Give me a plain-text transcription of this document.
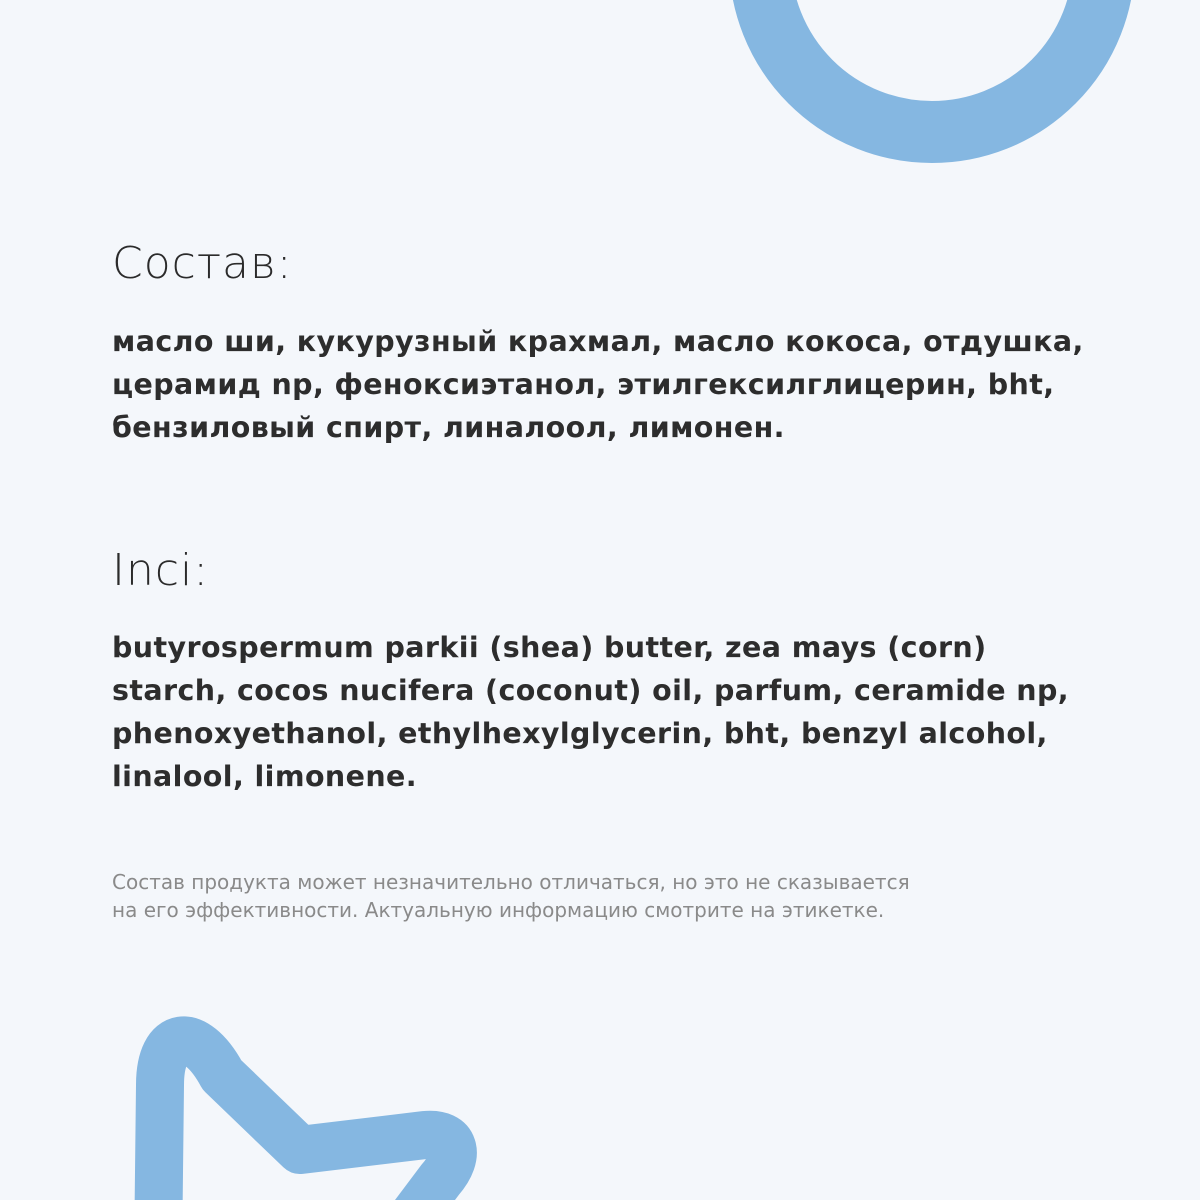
Состав:

масло ши, кукурузный крахмал, масло кокоса, отдушка, церамид np, феноксиэтанол, этилгексилглицерин, bht, бензиловый спирт, линалоол, лимонен.

Inci:

butyrospermum parkii (shea) butter, zea mays (corn) starch, cocos nucifera (coconut) oil, parfum, ceramide np, phenoxyethanol, ethylhexylglycerin, bht, benzyl alcohol, linalool, limonene.

Состав продукта может незначительно отличаться, но это не сказывается
на его эффективности. Актуальную информацию смотрите на этикетке.
